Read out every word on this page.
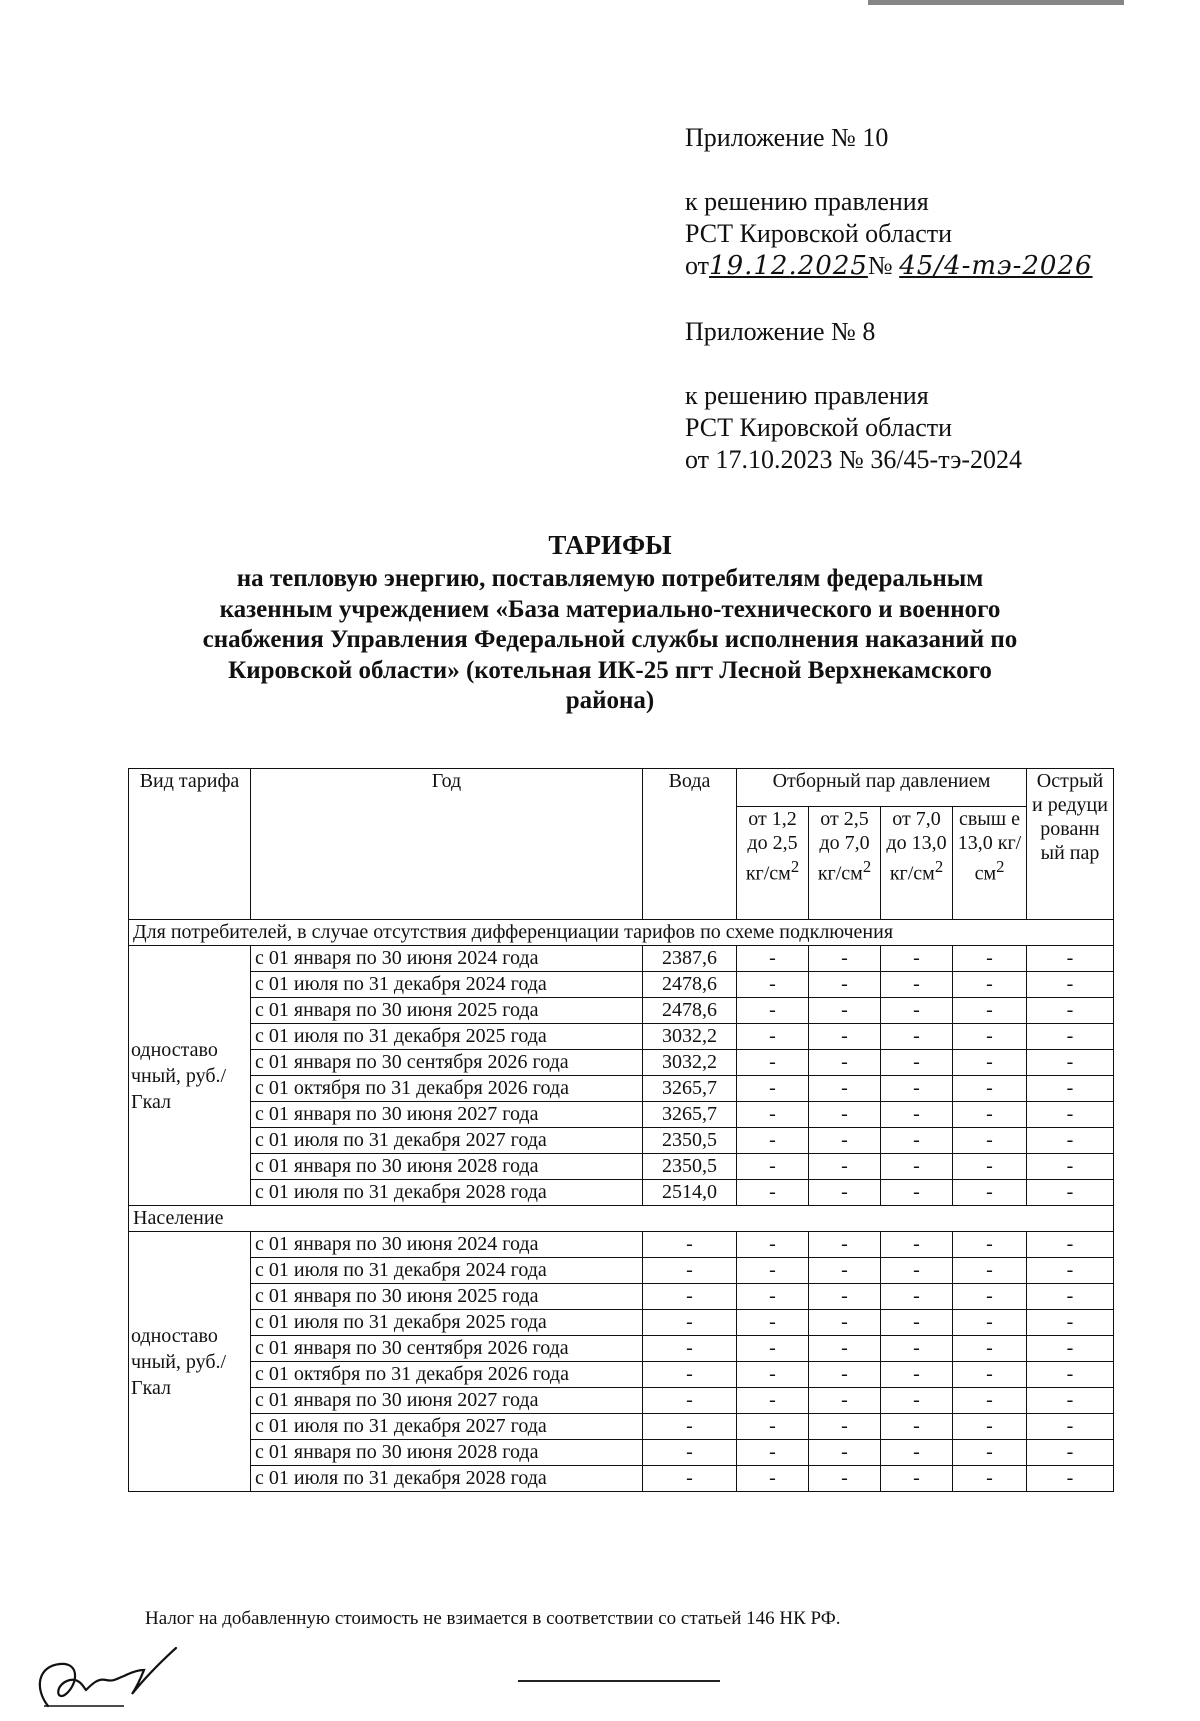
Приложение № 10
к решению правления
РСТ Кировской области
от19.12.2025№ 45/4-тэ-2026
Приложение № 8
к решению правления
РСТ Кировской области
от 17.10.2023 № 36/45-тэ-2024
ТАРИФЫ
на тепловую энергию, поставляемую потребителям федеральным
казенным учреждением «База материально-технического и военного
снабжения Управления Федеральной службы исполнения наказаний по
Кировской области» (котельная ИК-25 пгт Лесной Верхнекамского
района)
Вид тарифа	Год	Вода	Отборный пар давлением				Острый и редуци рованн ый пар
			от 1,2 до 2,5 $кг/см^2$	от 2,5 до 7,0 $кг/см^2$	от 7,0 до 13,0 $кг/см^2$	свыш е 13,0 $кг/см^2$
Для потребителей, в случае отсутствия дифференциации тарифов по схеме подключения							
одноставо чный, руб./Гкал	с 01 января по 30 июня 2024 года	2387,6	-	-	-	-	-
	с 01 июля по 31 декабря 2024 года	2478,6	-	-	-	-	-
	с 01 января по 30 июня 2025 года	2478,6	-	-	-	-	-
	с 01 июля по 31 декабря 2025 года	3032,2	-	-	-	-	-
	с 01 января по 30 сентября 2026 года	3032,2	-	-	-	-	-
	с 01 октября по 31 декабря 2026 года	3265,7	-	-	-	-	-
	с 01 января по 30 июня 2027 года	3265,7	-	-	-	-	-
	с 01 июля по 31 декабря 2027 года	2350,5	-	-	-	-	-
	с 01 января по 30 июня 2028 года	2350,5	-	-	-	-	-
	с 01 июля по 31 декабря 2028 года	2514,0	-	-	-	-	-
Население							
одноставо чный, руб./Гкал	с 01 января по 30 июня 2024 года	-	-	-	-	-	-
	с 01 июля по 31 декабря 2024 года	-	-	-	-	-	-
	с 01 января по 30 июня 2025 года	-	-	-	-	-	-
	с 01 июля по 31 декабря 2025 года	-	-	-	-	-	-
	с 01 января по 30 сентября 2026 года	-	-	-	-	-	-
	с 01 октября по 31 декабря 2026 года	-	-	-	-	-	-
	с 01 января по 30 июня 2027 года	-	-	-	-	-	-
	с 01 июля по 31 декабря 2027 года	-	-	-	-	-	-
	с 01 января по 30 июня 2028 года	-	-	-	-	-	-
	с 01 июля по 31 декабря 2028 года	-	-	-	-	-	-
Налог на добавленную стоимость не взимается в соответствии со статьей 146 НК РФ.
